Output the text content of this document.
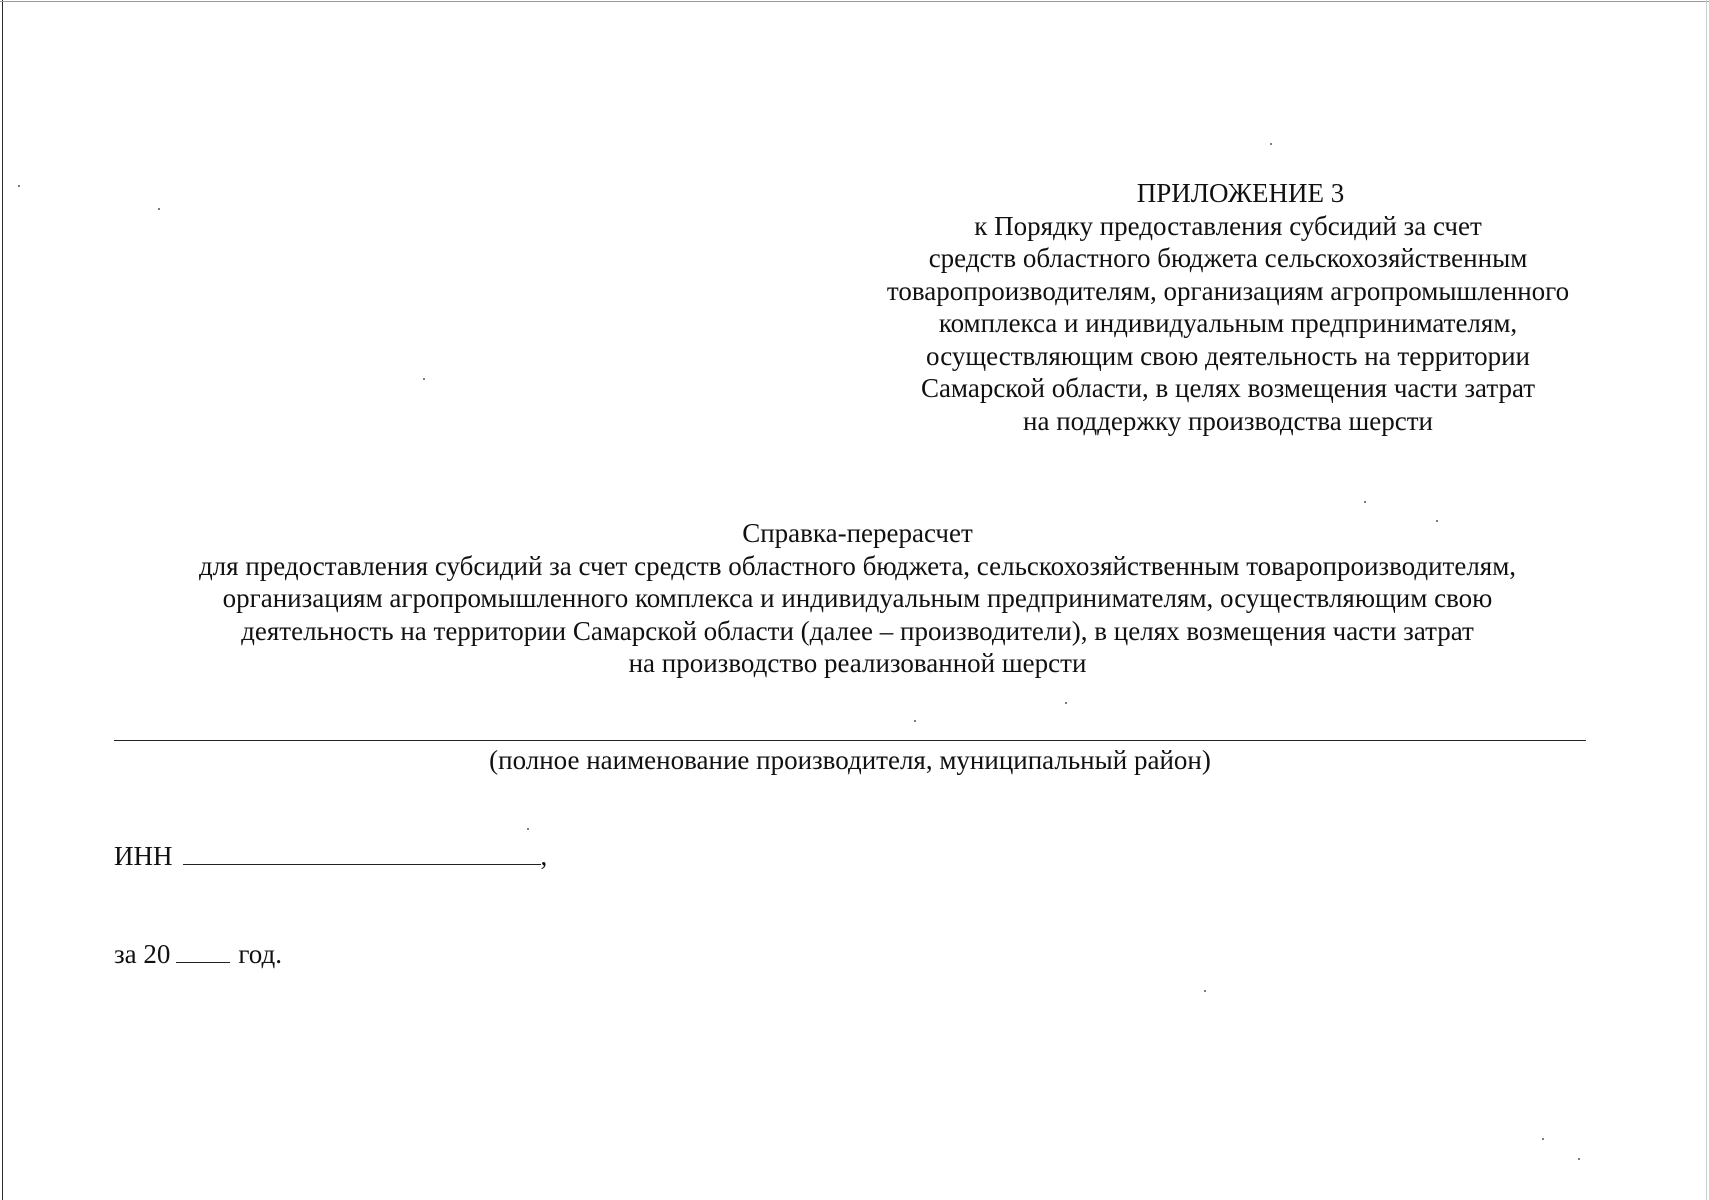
ПРИЛОЖЕНИЕ 3
к Порядку предоставления субсидий за счет
средств областного бюджета сельскохозяйственным
товаропроизводителям, организациям агропромышленного
комплекса и индивидуальным предпринимателям,
осуществляющим свою деятельность на территории
Самарской области, в целях возмещения части затрат
на поддержку производства шерсти
Справка-перерасчет
для предоставления субсидий за счет средств областного бюджета, сельскохозяйственным товаропроизводителям,
организациям агропромышленного комплекса и индивидуальным предпринимателям, осуществляющим свою
деятельность на территории Самарской области (далее – производители), в целях возмещения части затрат
на производство реализованной шерсти
(полное наименование производителя, муниципальный район)
ИНН	,
за 20	год.
